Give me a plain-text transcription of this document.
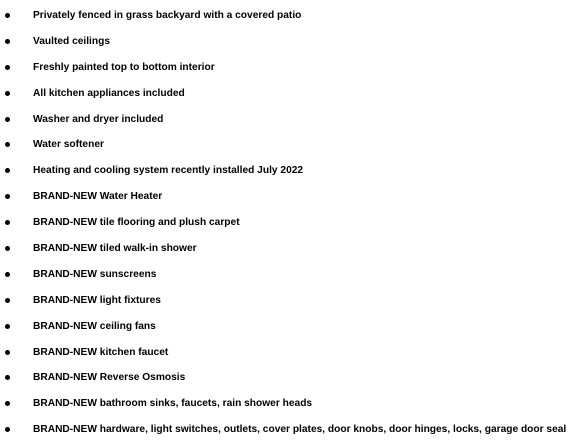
Privately fenced in grass backyard with a covered patio
Vaulted ceilings
Freshly painted top to bottom interior
All kitchen appliances included
Washer and dryer included
Water softener
Heating and cooling system recently installed July 2022
BRAND-NEW Water Heater
BRAND-NEW tile flooring and plush carpet
BRAND-NEW tiled walk-in shower
BRAND-NEW sunscreens
BRAND-NEW light fixtures
BRAND-NEW ceiling fans
BRAND-NEW kitchen faucet
BRAND-NEW Reverse Osmosis
BRAND-NEW bathroom sinks, faucets, rain shower heads
BRAND-NEW hardware, light switches, outlets, cover plates, door knobs, door hinges, locks, garage door seal
